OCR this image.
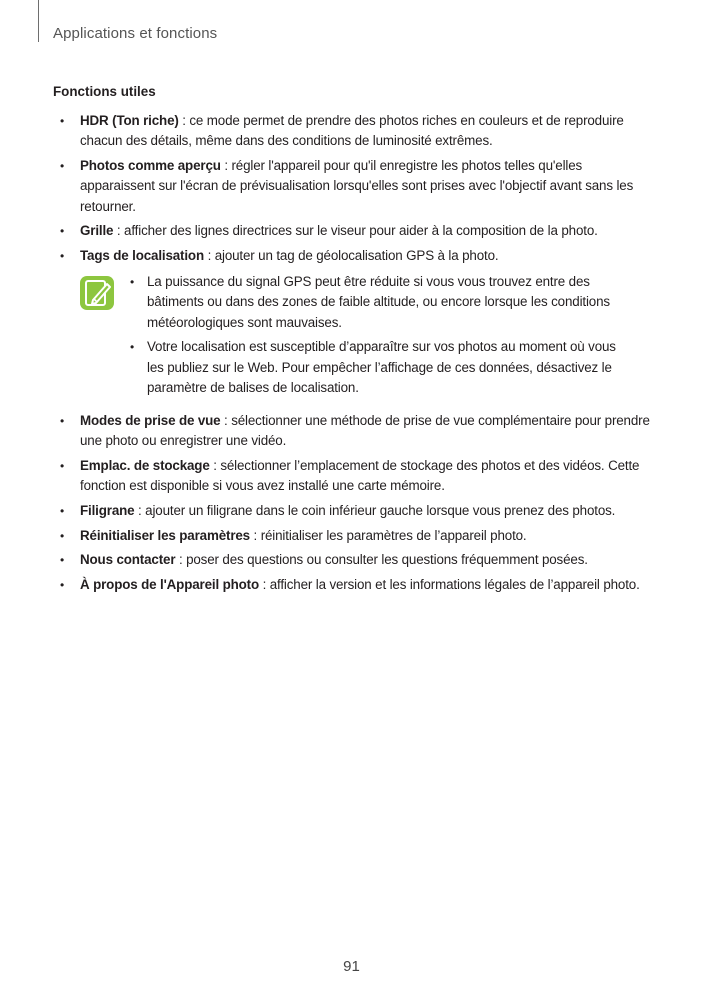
Applications et fonctions
Fonctions utiles
• HDR (Ton riche) : ce mode permet de prendre des photos riches en couleurs et de reproduire chacun des détails, même dans des conditions de luminosité extrêmes.
• Photos comme aperçu : régler l'appareil pour qu'il enregistre les photos telles qu'elles apparaissent sur l'écran de prévisualisation lorsqu'elles sont prises avec l'objectif avant sans les retourner.
• Grille : afficher des lignes directrices sur le viseur pour aider à la composition de la photo.
• Tags de localisation : ajouter un tag de géolocalisation GPS à la photo.
• La puissance du signal GPS peut être réduite si vous vous trouvez entre des bâtiments ou dans des zones de faible altitude, ou encore lorsque les conditions météorologiques sont mauvaises.
• Votre localisation est susceptible d’apparaître sur vos photos au moment où vous les publiez sur le Web. Pour empêcher l’affichage de ces données, désactivez le paramètre de balises de localisation.
• Modes de prise de vue : sélectionner une méthode de prise de vue complémentaire pour prendre une photo ou enregistrer une vidéo.
• Emplac. de stockage : sélectionner l’emplacement de stockage des photos et des vidéos. Cette fonction est disponible si vous avez installé une carte mémoire.
• Filigrane : ajouter un filigrane dans le coin inférieur gauche lorsque vous prenez des photos.
• Réinitialiser les paramètres : réinitialiser les paramètres de l’appareil photo.
• Nous contacter : poser des questions ou consulter les questions fréquemment posées.
• À propos de l'Appareil photo : afficher la version et les informations légales de l’appareil photo.
91
